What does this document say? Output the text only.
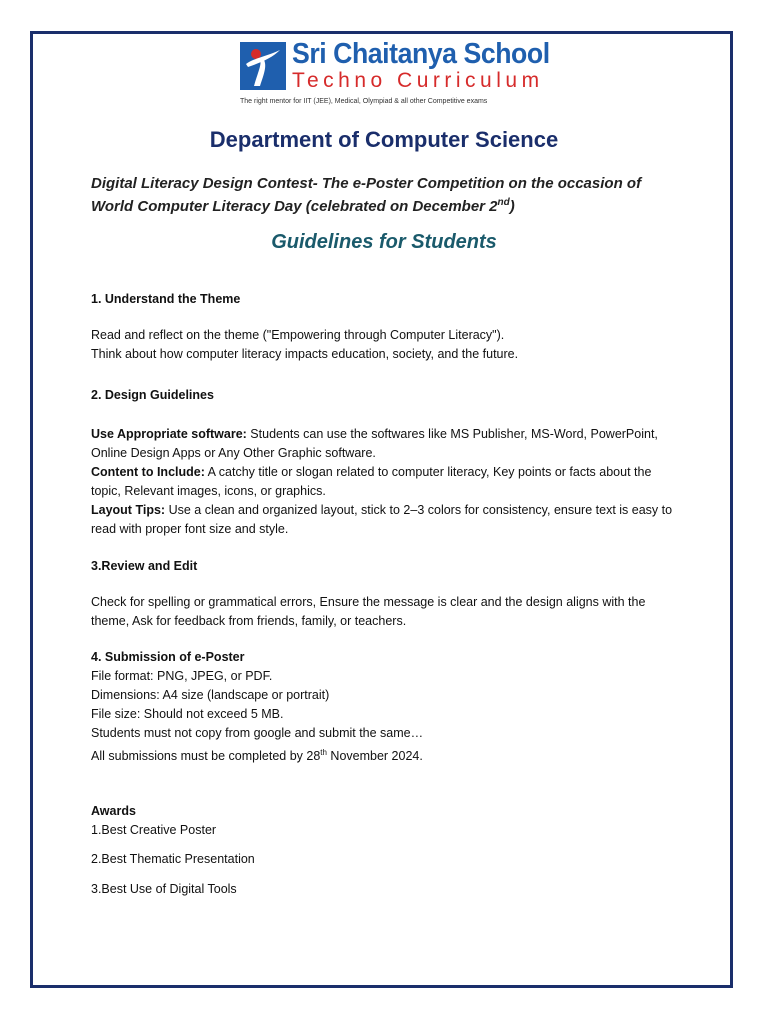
Sri Chaitanya School
Techno Curriculum
The right mentor for IIT (JEE), Medical, Olympiad & all other Competitive exams
Department of Computer Science
Digital Literacy Design Contest- The e-Poster Competition on the occasion of
World Computer Literacy Day (celebrated on December 2nd)
Guidelines for Students
1. Understand the Theme
Read and reflect on the theme ("Empowering through Computer Literacy").
Think about how computer literacy impacts education, society, and the future.
2. Design Guidelines
Use Appropriate software: Students can use the softwares like MS Publisher, MS-Word, PowerPoint,
Online Design Apps or Any Other Graphic software.
Content to Include: A catchy title or slogan related to computer literacy, Key points or facts about the
topic, Relevant images, icons, or graphics.
Layout Tips: Use a clean and organized layout, stick to 2–3 colors for consistency, ensure text is easy to
read with proper font size and style.
3.Review and Edit
Check for spelling or grammatical errors, Ensure the message is clear and the design aligns with the
theme, Ask for feedback from friends, family, or teachers.
4. Submission of e-Poster
File format: PNG, JPEG, or PDF.
Dimensions: A4 size (landscape or portrait)
File size: Should not exceed 5 MB.
Students must not copy from google and submit the same…
All submissions must be completed by 28th November 2024.
Awards
1.Best Creative Poster
2.Best Thematic Presentation
3.Best Use of Digital Tools
